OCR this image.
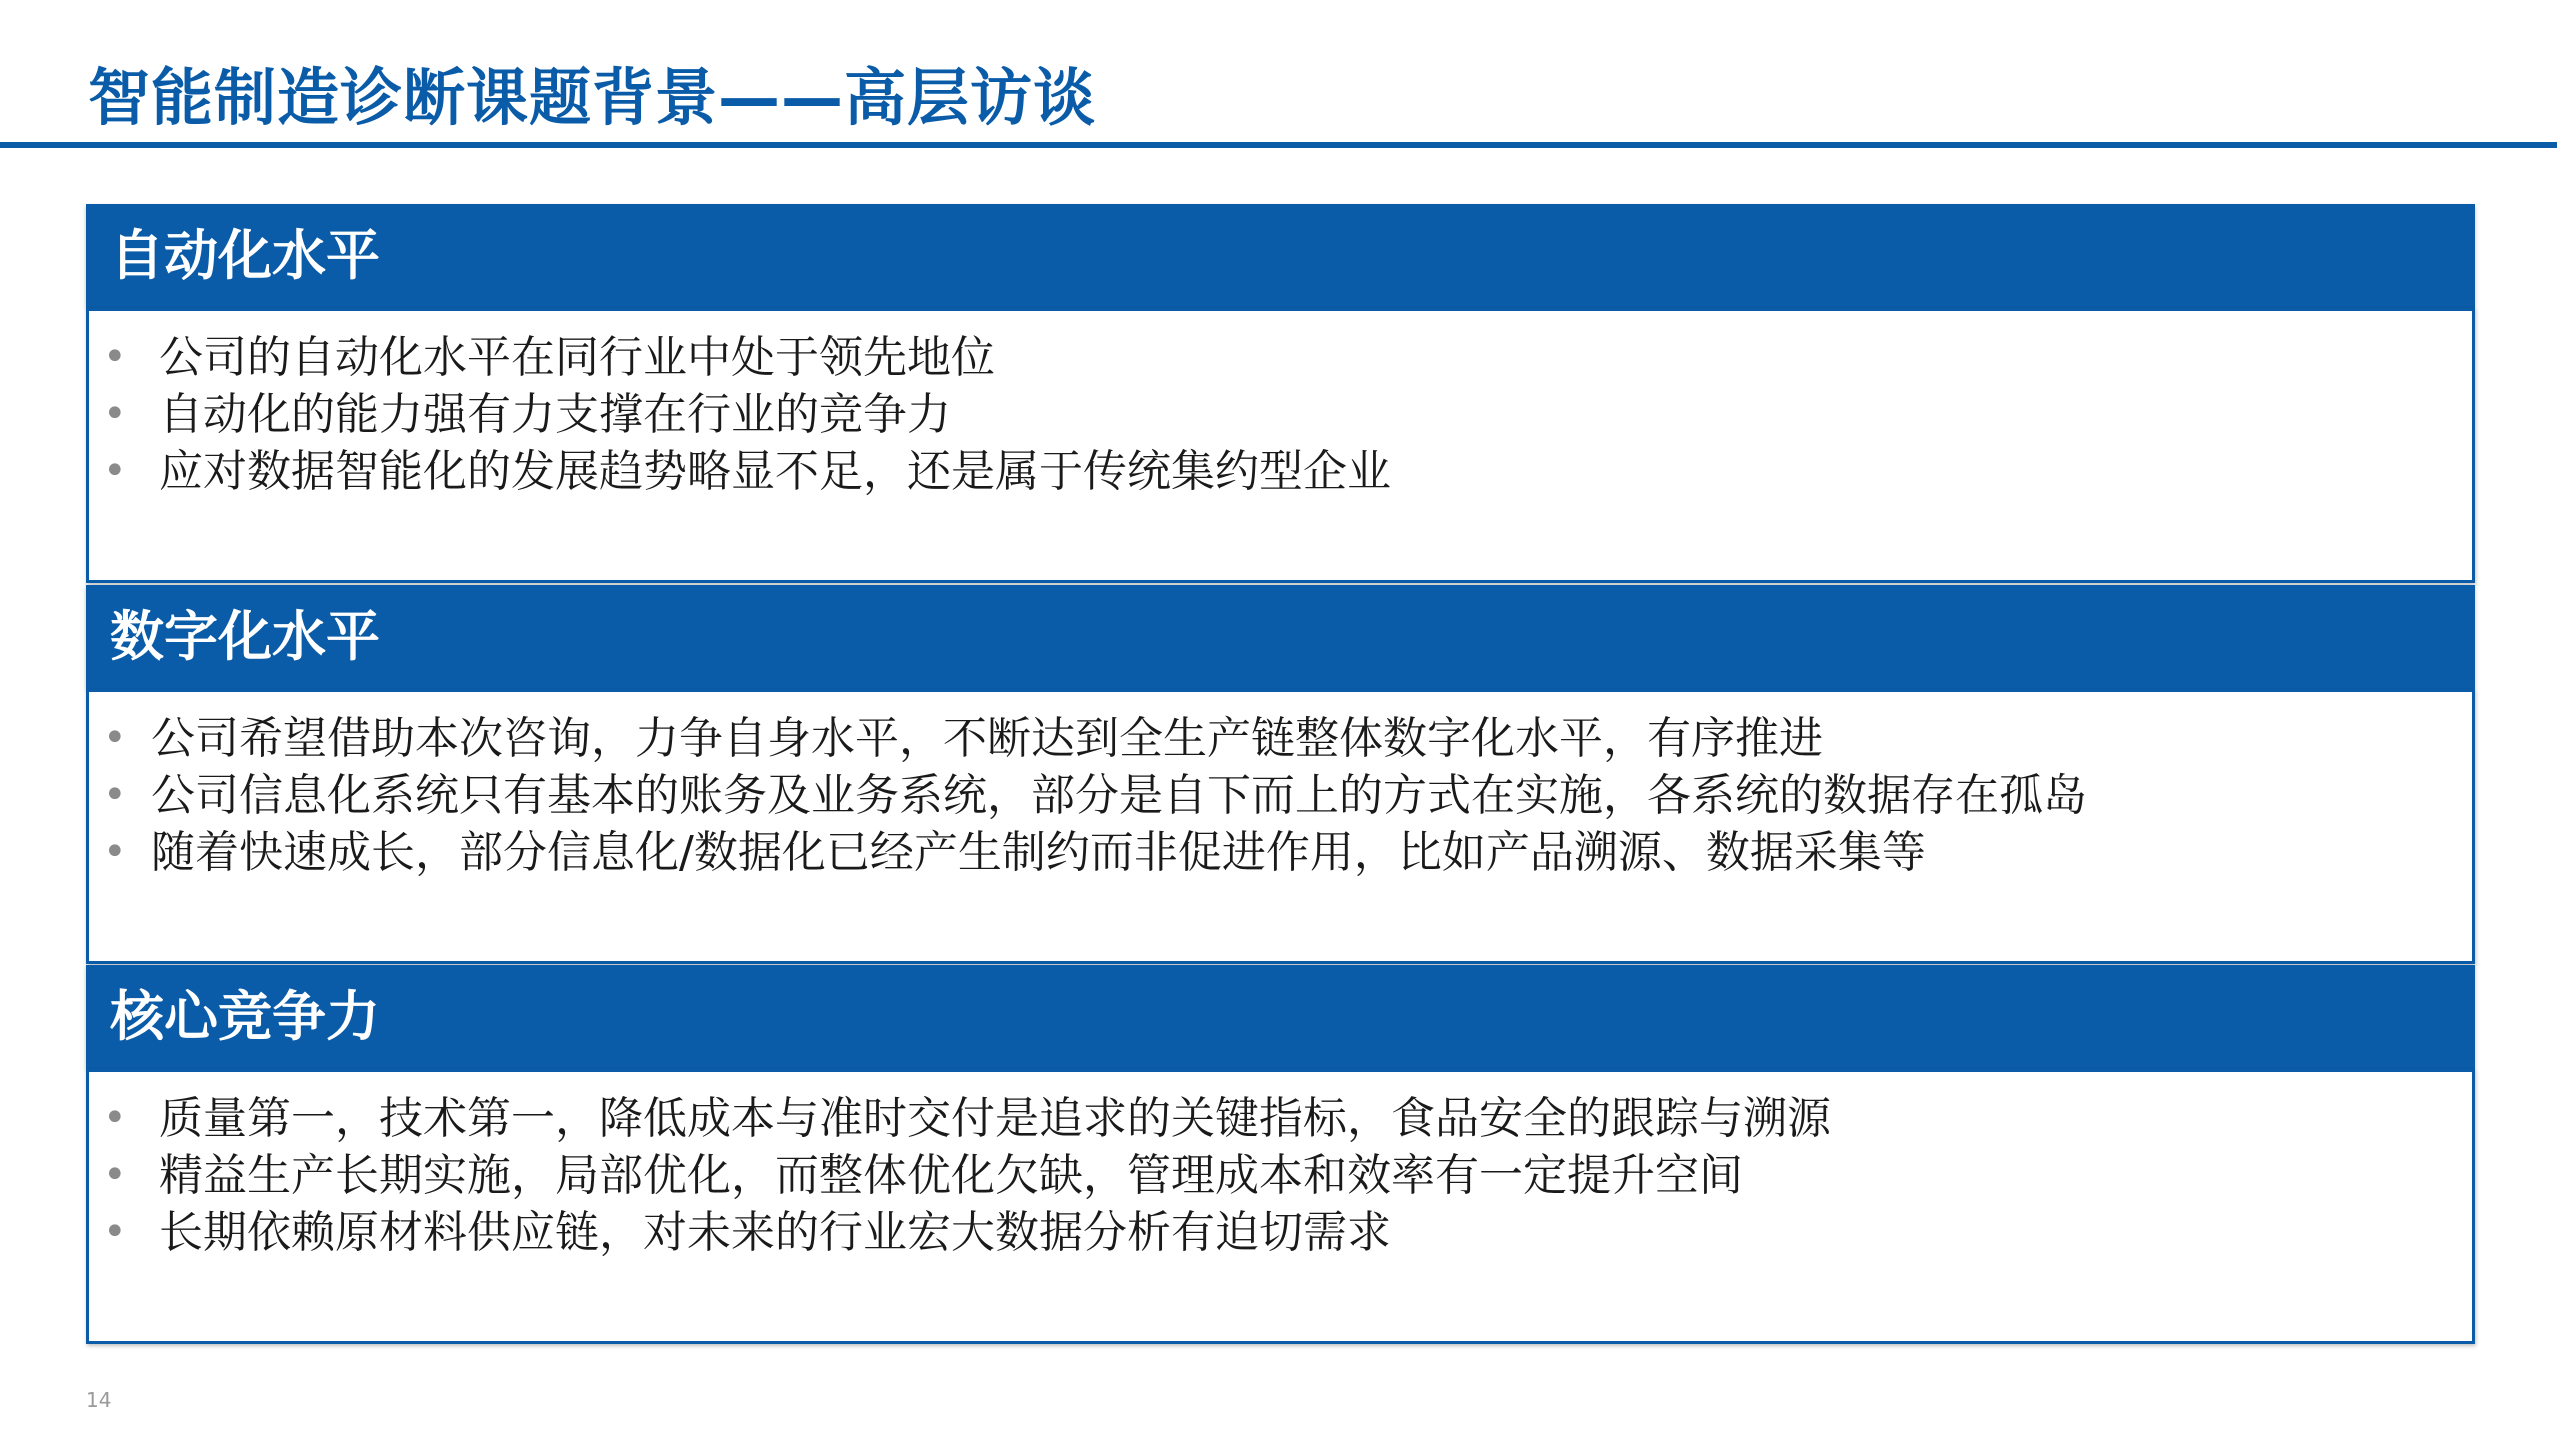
智能制造诊断课题背景——高层访谈
自动化水平
• 公司的自动化水平在同行业中处于领先地位
• 自动化的能力强有力支撑在行业的竞争力
• 应对数据智能化的发展趋势略显不足，还是属于传统集约型企业
数字化水平
• 公司希望借助本次咨询，力争自身水平，不断达到全生产链整体数字化水平，有序推进
• 公司信息化系统只有基本的账务及业务系统，部分是自下而上的方式在实施，各系统的数据存在孤岛
• 随着快速成长，部分信息化/数据化已经产生制约而非促进作用，比如产品溯源、数据采集等
核心竞争力
• 质量第一，技术第一，降低成本与准时交付是追求的关键指标，食品安全的跟踪与溯源
• 精益生产长期实施，局部优化，而整体优化欠缺，管理成本和效率有一定提升空间
• 长期依赖原材料供应链，对未来的行业宏大数据分析有迫切需求
14
